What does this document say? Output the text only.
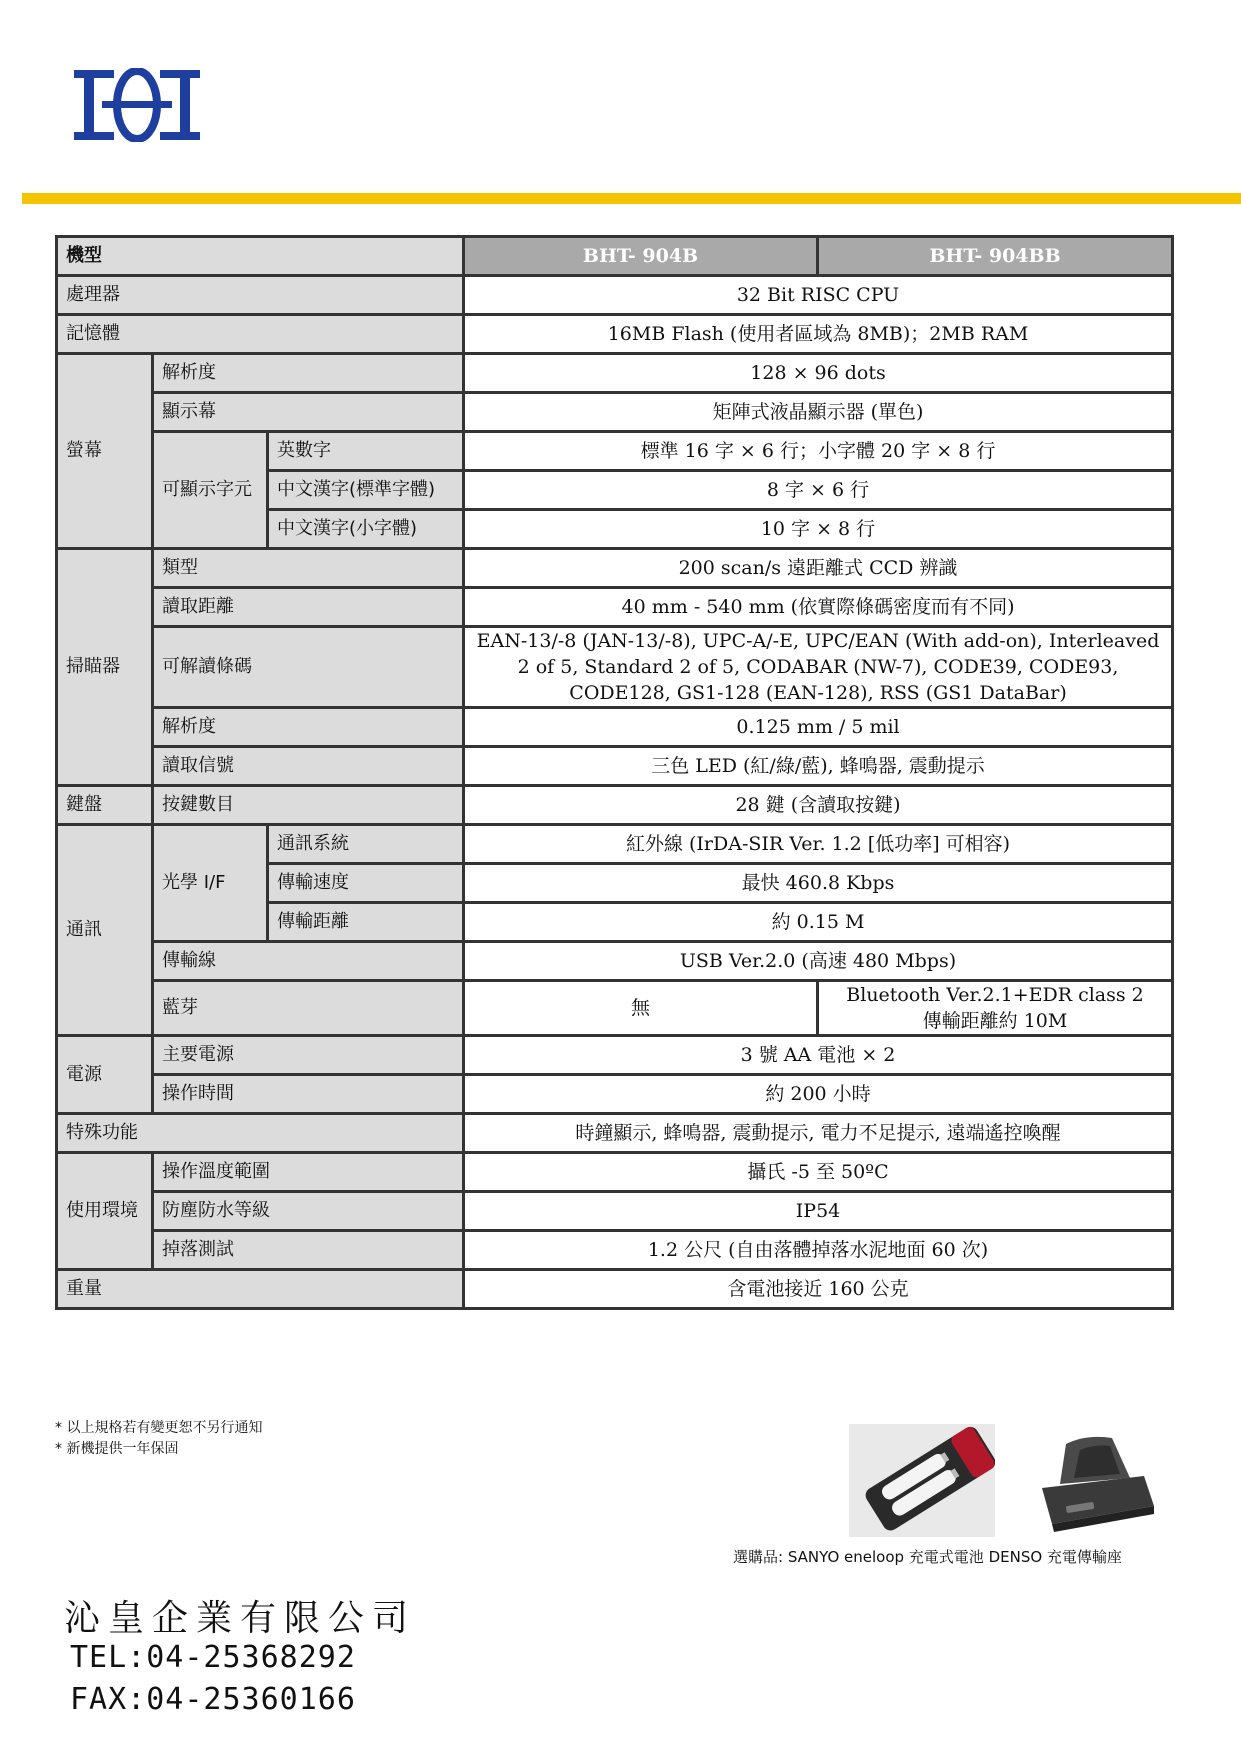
機型			BHT- 904B	BHT- 904BB
處理器			32 Bit RISC CPU	
記憶體			16MB Flash (使用者區域為 8MB)；2MB RAM	
螢幕	解析度		128 × 96 dots	
	顯示幕		矩陣式液晶顯示器 (單色)	
	可顯示字元	英數字	標準 16 字 × 6 行；小字體 20 字 × 8 行	
		中文漢字(標準字體)	8 字 × 6 行	
		中文漢字(小字體)	10 字 × 8 行	
掃瞄器	類型		200 scan/s 遠距離式 CCD 辨識	
	讀取距離		40 mm - 540 mm (依實際條碼密度而有不同)	
	可解讀條碼		EAN-13/-8 (JAN-13/-8), UPC-A/-E, UPC/EAN (With add-on), Interleaved 2 of 5, Standard 2 of 5, CODABAR (NW-7), CODE39, CODE93, CODE128, GS1-128 (EAN-128), RSS (GS1 DataBar)	
	解析度		0.125 mm / 5 mil	
	讀取信號		三色 LED (紅/綠/藍), 蜂鳴器, 震動提示	
鍵盤	按鍵數目		28 鍵 (含讀取按鍵)	
通訊	光學 I/F	通訊系統	紅外線 (IrDA-SIR Ver. 1.2 [低功率] 可相容)	
		傳輸速度	最快 460.8 Kbps	
		傳輸距離	約 0.15 M	
	傳輸線		USB Ver.2.0 (高速 480 Mbps)	
	藍芽		無	Bluetooth Ver.2.1+EDR class 2
傳輸距離約 10M

電源	主要電源		3 號 AA 電池 × 2	
	操作時間		約 200 小時	
特殊功能			時鐘顯示, 蜂鳴器, 震動提示, 電力不足提示, 遠端遙控喚醒	
使用環境	操作溫度範圍		攝氏 -5 至 50ºC	
	防塵防水等級		IP54	
	掉落測試		1.2 公尺 (自由落體掉落水泥地面 60 次)	
重量			含電池接近 160 公克	
* 以上規格若有變更恕不另行通知
* 新機提供一年保固
選購品: SANYO eneloop 充電式電池 DENSO 充電傳輸座
沁皇企業有限公司
TEL:04-25368292
FAX:04-25360166
